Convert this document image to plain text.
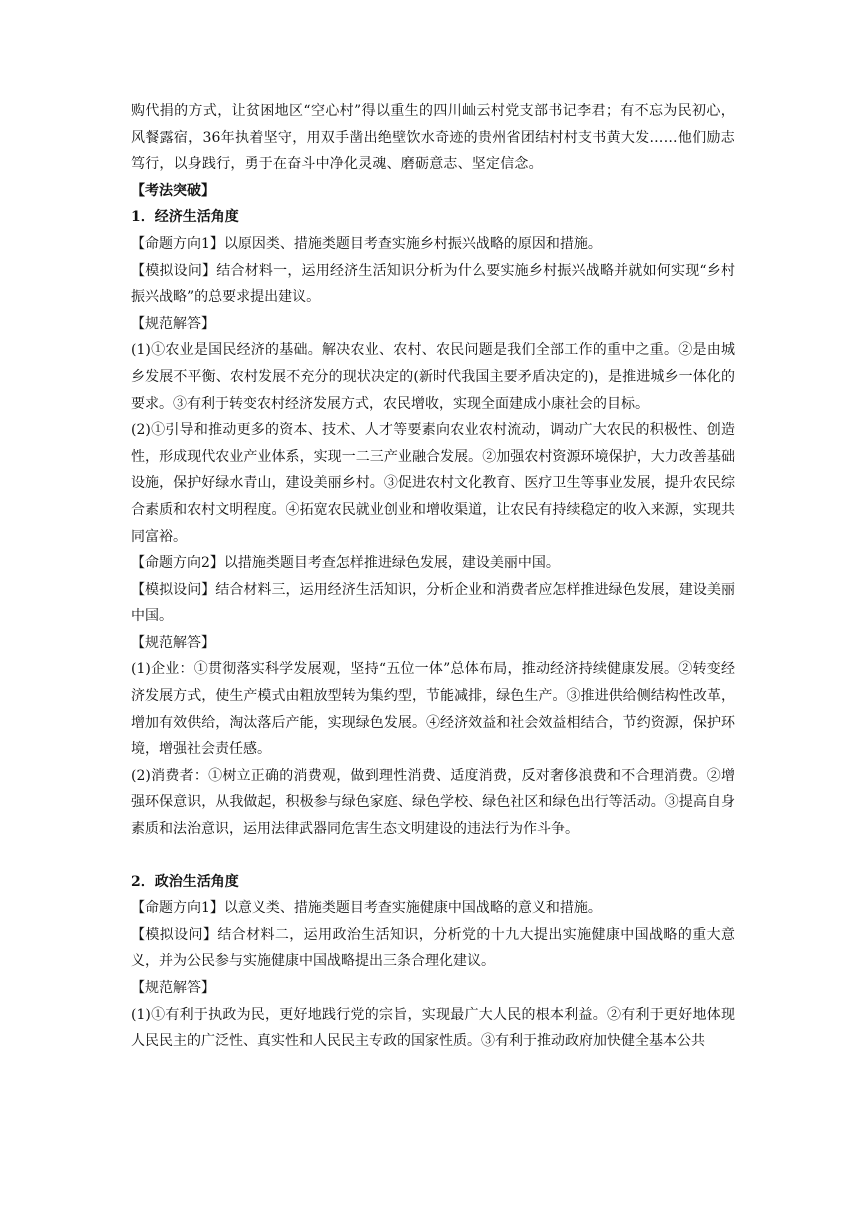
购代捐的方式，让贫困地区“空心村”得以重生的四川屾云村党支部书记李君；有不忘为民初心，风餐露宿，36年执着坚守，用双手凿出绝壁饮水奇迹的贵州省团结村村支书黄大发……他们励志笃行，以身践行，勇于在奋斗中净化灵魂、磨砺意志、坚定信念。

【考法突破】

1．经济生活角度

【命题方向1】以原因类、措施类题目考查实施乡村振兴战略的原因和措施。

【模拟设问】结合材料一，运用经济生活知识分析为什么要实施乡村振兴战略并就如何实现“乡村振兴战略”的总要求提出建议。

【规范解答】

(1)①农业是国民经济的基础。解决农业、农村、农民问题是我们全部工作的重中之重。②是由城乡发展不平衡、农村发展不充分的现状决定的(新时代我国主要矛盾决定的)，是推进城乡一体化的要求。③有利于转变农村经济发展方式，农民增收，实现全面建成小康社会的目标。

(2)①引导和推动更多的资本、技术、人才等要素向农业农村流动，调动广大农民的积极性、创造性，形成现代农业产业体系，实现一二三产业融合发展。②加强农村资源环境保护，大力改善基础设施，保护好绿水青山，建设美丽乡村。③促进农村文化教育、医疗卫生等事业发展，提升农民综合素质和农村文明程度。④拓宽农民就业创业和增收渠道，让农民有持续稳定的收入来源，实现共同富裕。

【命题方向2】以措施类题目考查怎样推进绿色发展，建设美丽中国。

【模拟设问】结合材料三，运用经济生活知识，分析企业和消费者应怎样推进绿色发展，建设美丽中国。

【规范解答】

(1)企业：①贯彻落实科学发展观，坚持“五位一体”总体布局，推动经济持续健康发展。②转变经济发展方式，使生产模式由粗放型转为集约型，节能减排，绿色生产。③推进供给侧结构性改革，增加有效供给，淘汰落后产能，实现绿色发展。④经济效益和社会效益相结合，节约资源，保护环境，增强社会责任感。

(2)消费者：①树立正确的消费观，做到理性消费、适度消费，反对奢侈浪费和不合理消费。②增强环保意识，从我做起，积极参与绿色家庭、绿色学校、绿色社区和绿色出行等活动。③提高自身素质和法治意识，运用法律武器同危害生态文明建设的违法行为作斗争。

2．政治生活角度

【命题方向1】以意义类、措施类题目考查实施健康中国战略的意义和措施。

【模拟设问】结合材料二，运用政治生活知识，分析党的十九大提出实施健康中国战略的重大意义，并为公民参与实施健康中国战略提出三条合理化建议。

【规范解答】

(1)①有利于执政为民，更好地践行党的宗旨，实现最广大人民的根本利益。②有利于更好地体现人民民主的广泛性、真实性和人民民主专政的国家性质。③有利于推动政府加快健全基本公共
